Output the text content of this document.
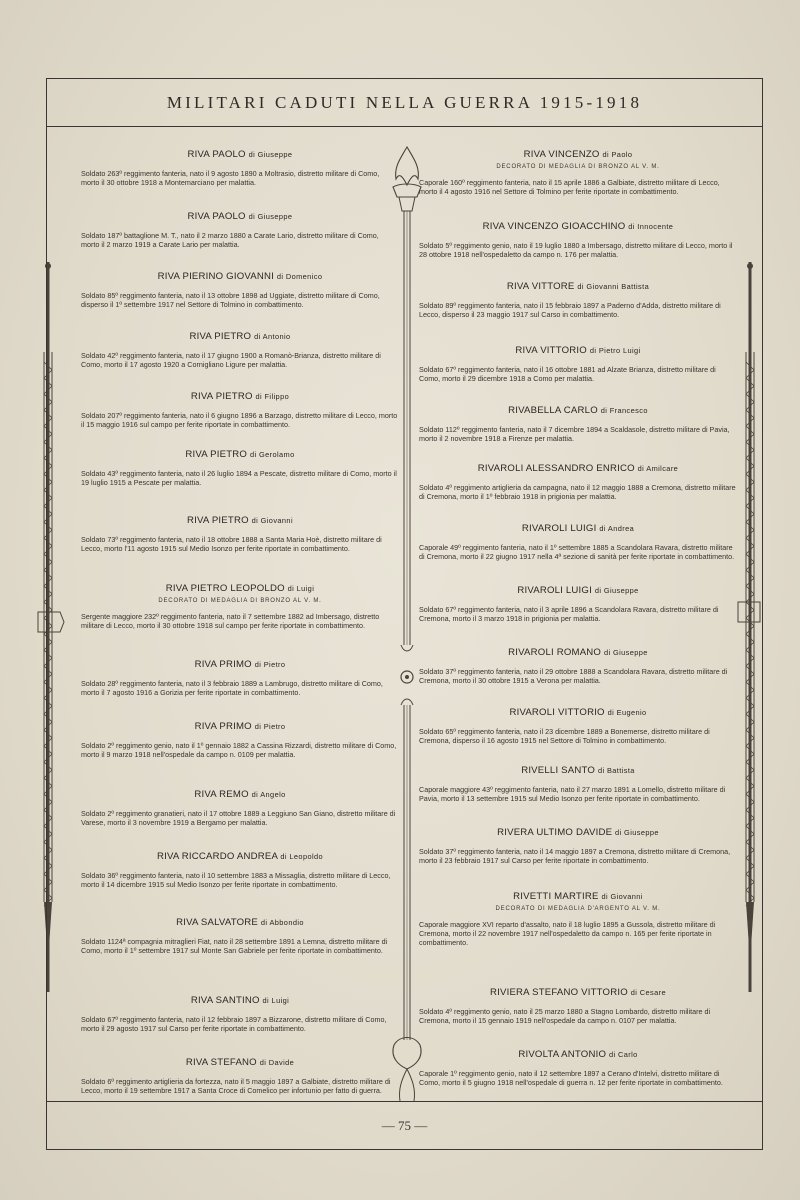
MILITARI CADUTI NELLA GUERRA 1915-1918
RIVA PAOLO di Giuseppe
Soldato 263º reggimento fanteria, nato il 9 agosto 1890 a Moltrasio, distretto militare di Como, morto il 30 ottobre 1918 a Montemarciano per malattia.
RIVA PAOLO di Giuseppe
Soldato 187º battaglione M. T., nato il 2 marzo 1880 a Carate Lario, distretto militare di Como, morto il 2 marzo 1919 a Carate Lario per malattia.
RIVA PIERINO GIOVANNI di Domenico
Soldato 85º reggimento fanteria, nato il 13 ottobre 1898 ad Uggiate, distretto militare di Como, disperso il 1º settembre 1917 nel Settore di Tolmino in combattimento.
RIVA PIETRO di Antonio
Soldato 42º reggimento fanteria, nato il 17 giugno 1900 a Romanò-Brianza, distretto militare di Como, morto il 17 agosto 1920 a Cornigliano Ligure per malattia.
RIVA PIETRO di Filippo
Soldato 207º reggimento fanteria, nato il 6 giugno 1896 a Barzago, distretto militare di Lecco, morto il 15 maggio 1916 sul campo per ferite riportate in combattimento.
RIVA PIETRO di Gerolamo
Soldato 43º reggimento fanteria, nato il 26 luglio 1894 a Pescate, distretto militare di Como, morto il 19 luglio 1915 a Pescate per malattia.
RIVA PIETRO di Giovanni
Soldato 73º reggimento fanteria, nato il 18 ottobre 1888 a Santa Maria Hoè, distretto militare di Lecco, morto l'11 agosto 1915 sul Medio Isonzo per ferite riportate in combattimento.
RIVA PIETRO LEOPOLDO di Luigi
DECORATO DI MEDAGLIA DI BRONZO AL V. M.
Sergente maggiore 232º reggimento fanteria, nato il 7 settembre 1882 ad Imbersago, distretto militare di Lecco, morto il 30 ottobre 1918 sul campo per ferite riportate in combattimento.
RIVA PRIMO di Pietro
Soldato 28º reggimento fanteria, nato il 3 febbraio 1889 a Lambrugo, distretto militare di Como, morto il 7 agosto 1916 a Gorizia per ferite riportate in combattimento.
RIVA PRIMO di Pietro
Soldato 2º reggimento genio, nato il 1º gennaio 1882 a Cassina Rizzardi, distretto militare di Como, morto il 9 marzo 1918 nell'ospedale da campo n. 0109 per malattia.
RIVA REMO di Angelo
Soldato 2º reggimento granatieri, nato il 17 ottobre 1889 a Leggiuno San Giano, distretto militare di Varese, morto il 3 novembre 1919 a Bergamo per malattia.
RIVA RICCARDO ANDREA di Leopoldo
Soldato 36º reggimento fanteria, nato il 10 settembre 1883 a Missaglia, distretto militare di Lecco, morto il 14 dicembre 1915 sul Medio Isonzo per ferite riportate in combattimento.
RIVA SALVATORE di Abbondio
Soldato 1124ª compagnia mitraglieri Fiat, nato il 28 settembre 1891 a Lemna, distretto militare di Como, morto il 1º settembre 1917 sul Monte San Gabriele per ferite riportate in combattimento.
RIVA SANTINO di Luigi
Soldato 67º reggimento fanteria, nato il 12 febbraio 1897 a Bizzarone, distretto militare di Como, morto il 29 agosto 1917 sul Carso per ferite riportate in combattimento.
RIVA STEFANO di Davide
Soldato 6º reggimento artiglieria da fortezza, nato il 5 maggio 1897 a Galbiate, distretto militare di Lecco, morto il 19 settembre 1917 a Santa Croce di Comelico per infortunio per fatto di guerra.
RIVA VINCENZO di Paolo
DECORATO DI MEDAGLIA DI BRONZO AL V. M.
Caporale 160º reggimento fanteria, nato il 15 aprile 1886 a Galbiate, distretto militare di Lecco, morto il 4 agosto 1916 nel Settore di Tolmino per ferite riportate in combattimento.
RIVA VINCENZO GIOACCHINO di Innocente
Soldato 5º reggimento genio, nato il 19 luglio 1880 a Imbersago, distretto militare di Lecco, morto il 28 ottobre 1918 nell'ospedaletto da campo n. 176 per malattia.
RIVA VITTORE di Giovanni Battista
Soldato 89º reggimento fanteria, nato il 15 febbraio 1897 a Paderno d'Adda, distretto militare di Lecco, disperso il 23 maggio 1917 sul Carso in combattimento.
RIVA VITTORIO di Pietro Luigi
Soldato 67º reggimento fanteria, nato il 16 ottobre 1881 ad Alzate Brianza, distretto militare di Como, morto il 29 dicembre 1918 a Como per malattia.
RIVABELLA CARLO di Francesco
Soldato 112º reggimento fanteria, nato il 7 dicembre 1894 a Scaldasole, distretto militare di Pavia, morto il 2 novembre 1918 a Firenze per malattia.
RIVAROLI ALESSANDRO ENRICO di Amilcare
Soldato 4º reggimento artiglieria da campagna, nato il 12 maggio 1888 a Cremona, distretto militare di Cremona, morto il 1º febbraio 1918 in prigionia per malattia.
RIVAROLI LUIGI di Andrea
Caporale 49º reggimento fanteria, nato il 1º settembre 1885 a Scandolara Ravara, distretto militare di Cremona, morto il 22 giugno 1917 nella 4ª sezione di sanità per ferite riportate in combattimento.
RIVAROLI LUIGI di Giuseppe
Soldato 67º reggimento fanteria, nato il 3 aprile 1896 a Scandolara Ravara, distretto militare di Cremona, morto il 3 marzo 1918 in prigionia per malattia.
RIVAROLI ROMANO di Giuseppe
Soldato 37º reggimento fanteria, nato il 29 ottobre 1888 a Scandolara Ravara, distretto militare di Cremona, morto il 30 ottobre 1915 a Verona per malattia.
RIVAROLI VITTORIO di Eugenio
Soldato 65º reggimento fanteria, nato il 23 dicembre 1889 a Bonemerse, distretto militare di Cremona, disperso il 16 agosto 1915 nel Settore di Tolmino in combattimento.
RIVELLI SANTO di Battista
Caporale maggiore 43º reggimento fanteria, nato il 27 marzo 1891 a Lomello, distretto militare di Pavia, morto il 13 settembre 1915 sul Medio Isonzo per ferite riportate in combattimento.
RIVERA ULTIMO DAVIDE di Giuseppe
Soldato 37º reggimento fanteria, nato il 14 maggio 1897 a Cremona, distretto militare di Cremona, morto il 23 febbraio 1917 sul Carso per ferite riportate in combattimento.
RIVETTI MARTIRE di Giovanni
DECORATO DI MEDAGLIA D'ARGENTO AL V. M.
Caporale maggiore XVI reparto d'assalto, nato il 18 luglio 1895 a Gussola, distretto militare di Cremona, morto il 22 novembre 1917 nell'ospedaletto da campo n. 165 per ferite riportate in combattimento.
RIVIERA STEFANO VITTORIO di Cesare
Soldato 4º reggimento genio, nato il 25 marzo 1880 a Stagno Lombardo, distretto militare di Cremona, morto il 15 gennaio 1919 nell'ospedale da campo n. 0107 per malattia.
RIVOLTA ANTONIO di Carlo
Caporale 1º reggimento genio, nato il 12 settembre 1897 a Cerano d'Intelvi, distretto militare di Como, morto il 5 giugno 1918 nell'ospedale di guerra n. 12 per ferite riportate in combattimento.
— 75 —
